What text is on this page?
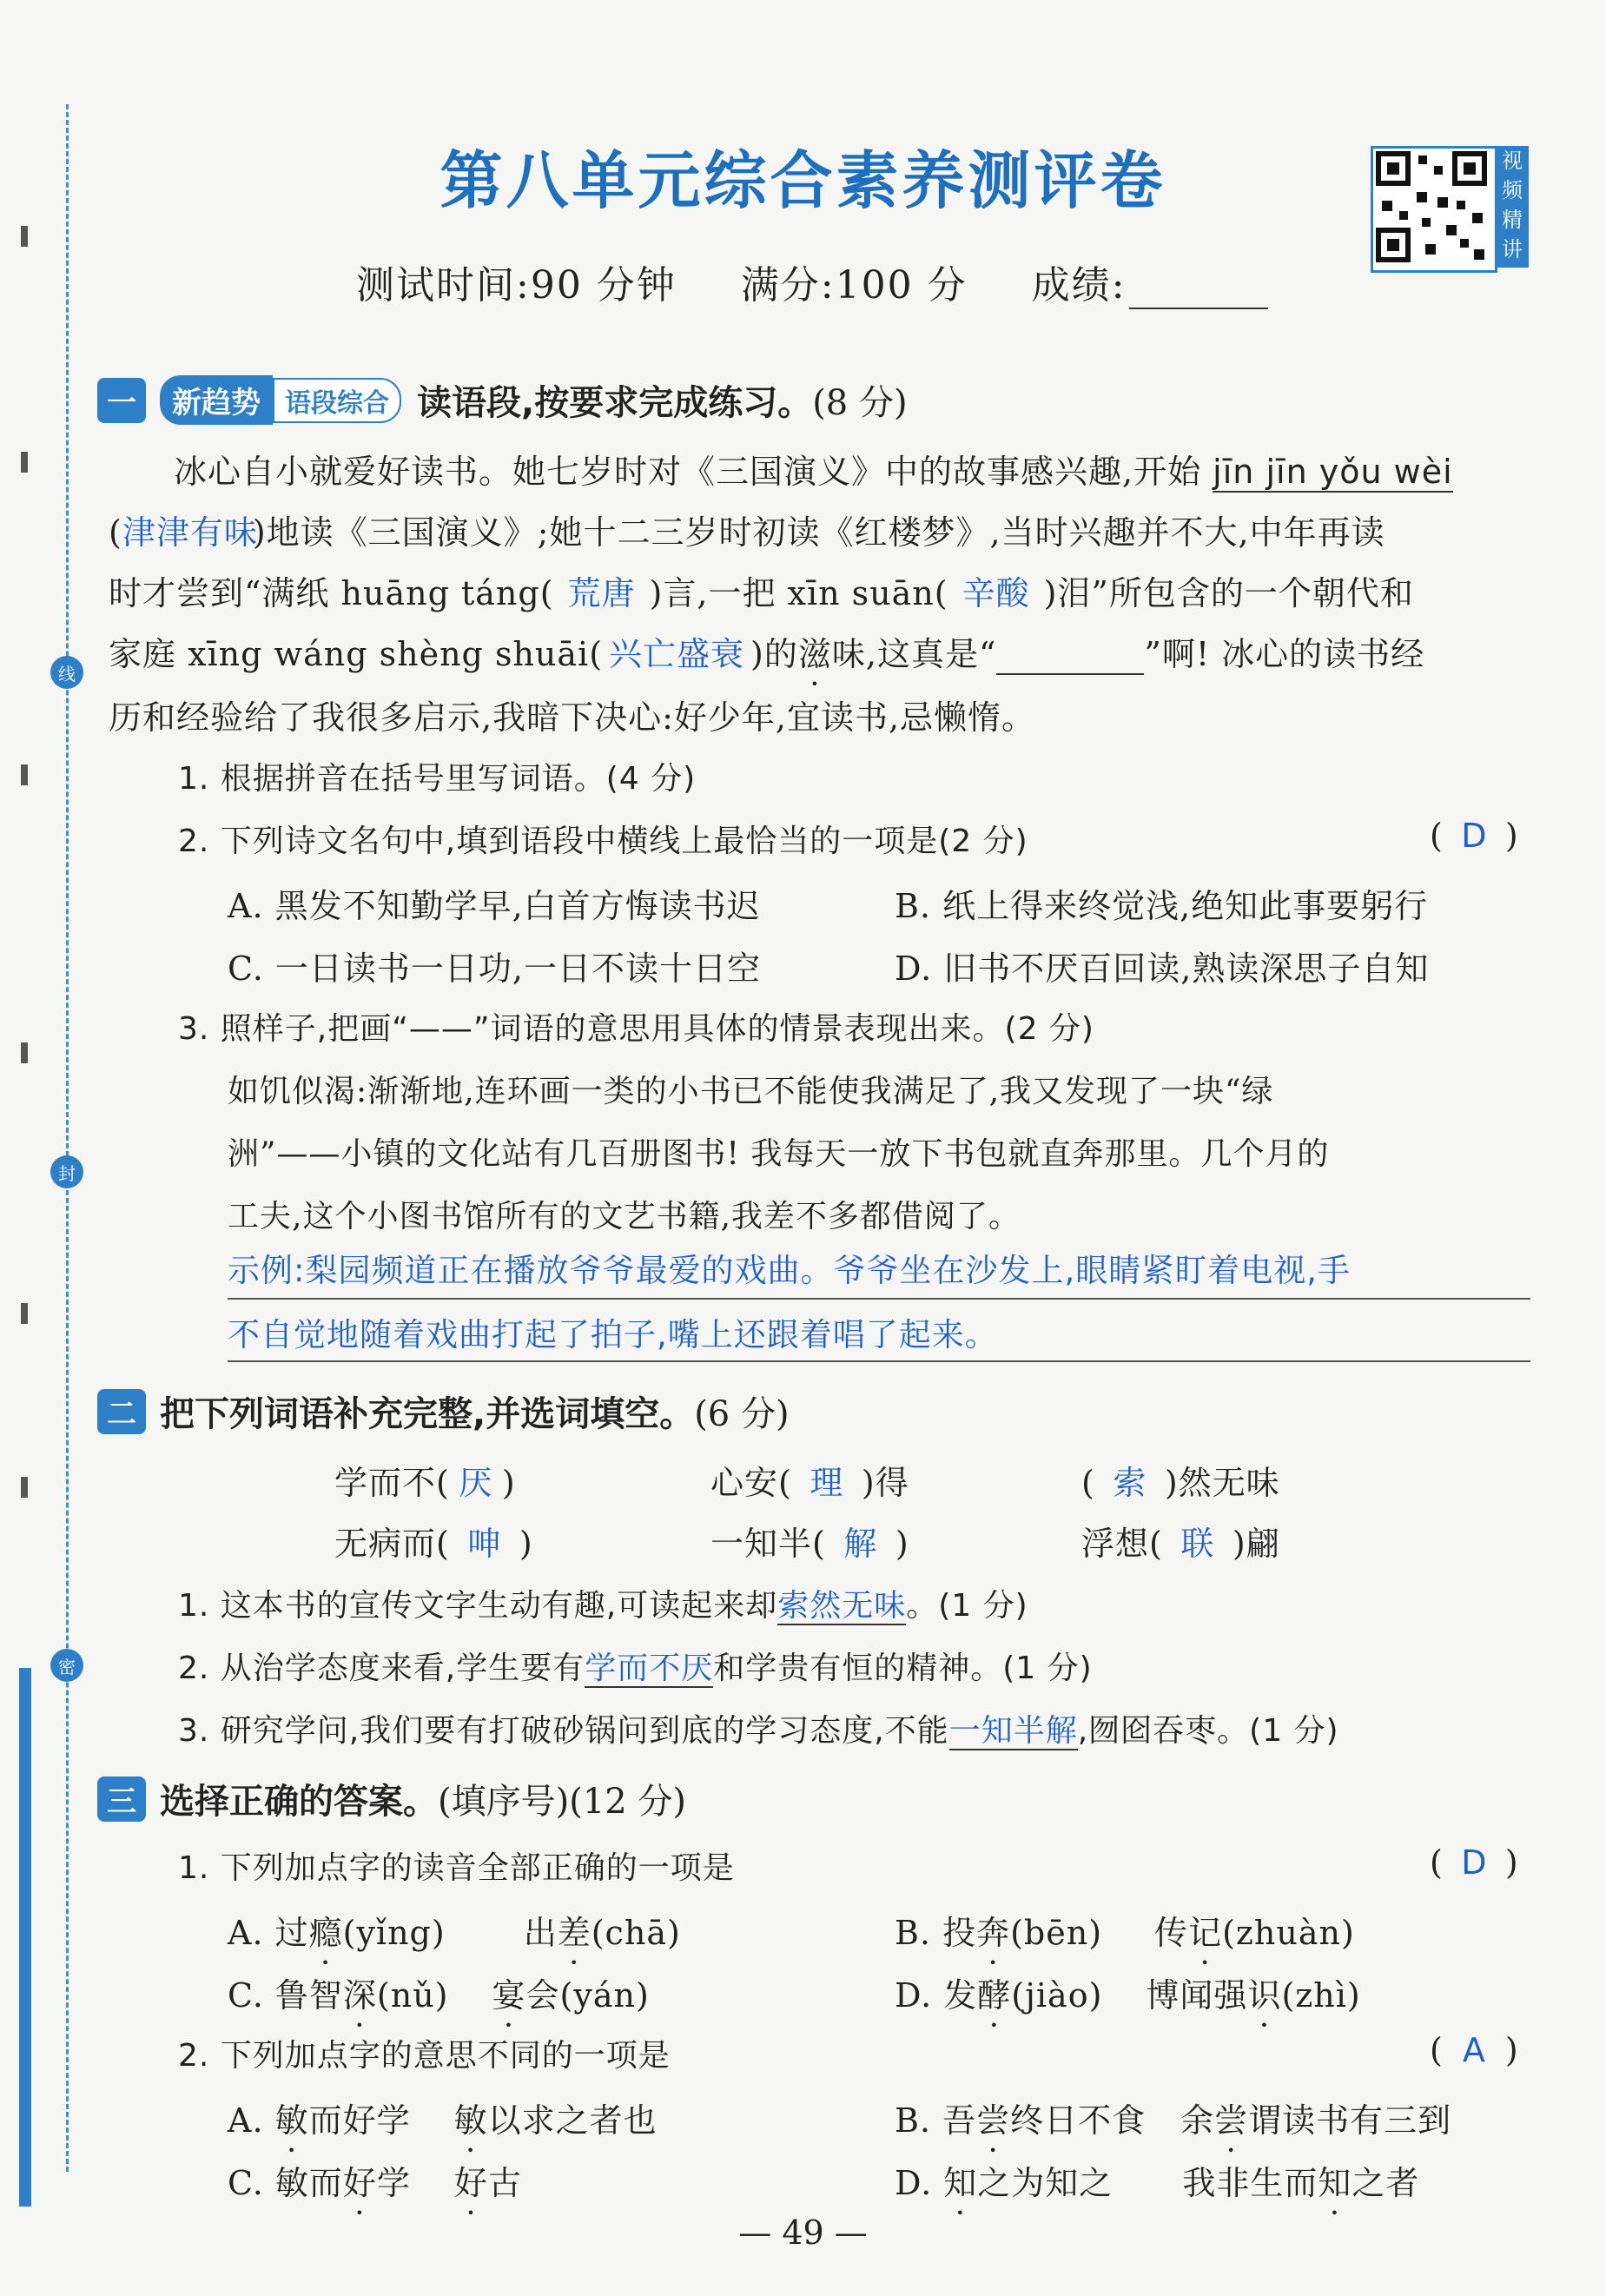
线
封
密
第八单元综合素养测评卷	视频精讲
测试时间:90 分钟 满分:100 分 成绩:
一	新趋势 语段综合 读语段,按要求完成练习。 (8 分)
冰心自小就爱好读书。她七岁时对《三国演义》中的故事感兴趣,开始 jīn jīn yǒu wèi
(津津有味)地读《三国演义》;她十二三岁时初读《红楼梦》,当时兴趣并不大,中年再读
时才尝到“满纸 huāng táng( 荒唐 )言,一把 xīn suān( 辛酸 )泪”所包含的一个朝代和
家庭 xīng wáng shèng shuāi( 兴亡盛衰 )的滋味,这真是“	”啊! 冰心的读书经
历和经验给了我很多启示,我暗下决心:好少年,宜读书,忌懒惰。
1. 根据拼音在括号里写词语。(4 分)
2. 下列诗文名句中,填到语段中横线上最恰当的一项是(2 分)	( D )
A. 黑发不知勤学早,白首方悔读书迟	B. 纸上得来终觉浅,绝知此事要躬行
C. 一日读书一日功,一日不读十日空	D. 旧书不厌百回读,熟读深思子自知
3. 照样子,把画“——”词语的意思用具体的情景表现出来。(2 分)
如饥似渴:渐渐地,连环画一类的小书已不能使我满足了,我又发现了一块“绿
洲”——小镇的文化站有几百册图书! 我每天一放下书包就直奔那里。几个月的
工夫,这个小图书馆所有的文艺书籍,我差不多都借阅了。
示例:梨园频道正在播放爷爷最爱的戏曲。爷爷坐在沙发上,眼睛紧盯着电视,手
不自觉地随着戏曲打起了拍子,嘴上还跟着唱了起来。
二 把下列词语补充完整,并选词填空。 (6 分)
学而不( 厌 )	心安( 理 )得	( 索 )然无味
无病而( 呻 )	一知半( 解 )	浮想( 联 )翩
1. 这本书的宣传文字生动有趣,可读起来却索然无味。(1 分)
2. 从治学态度来看,学生要有学而不厌和学贵有恒的精神。(1 分)
3. 研究学问,我们要有打破砂锅问到底的学习态度,不能一知半解,囫囵吞枣。(1 分)
三 选择正确的答案。 (填序号)(12 分)
1. 下列加点字的读音全部正确的一项是	( D )
A. 过瘾(yǐng) 出差(chā)	B. 投奔(bēn) 传记(zhuàn)
C. 鲁智深(nǔ) 宴会(yán)	D. 发酵(jiào) 博闻强识(zhì)
2. 下列加点字的意思不同的一项是	( A )
A. 敏而好学 敏以求之者也	B. 吾尝终日不食 余尝谓读书有三到
C. 敏而好学 好古	D. 知之为知之 我非生而知之者
— 49 —
